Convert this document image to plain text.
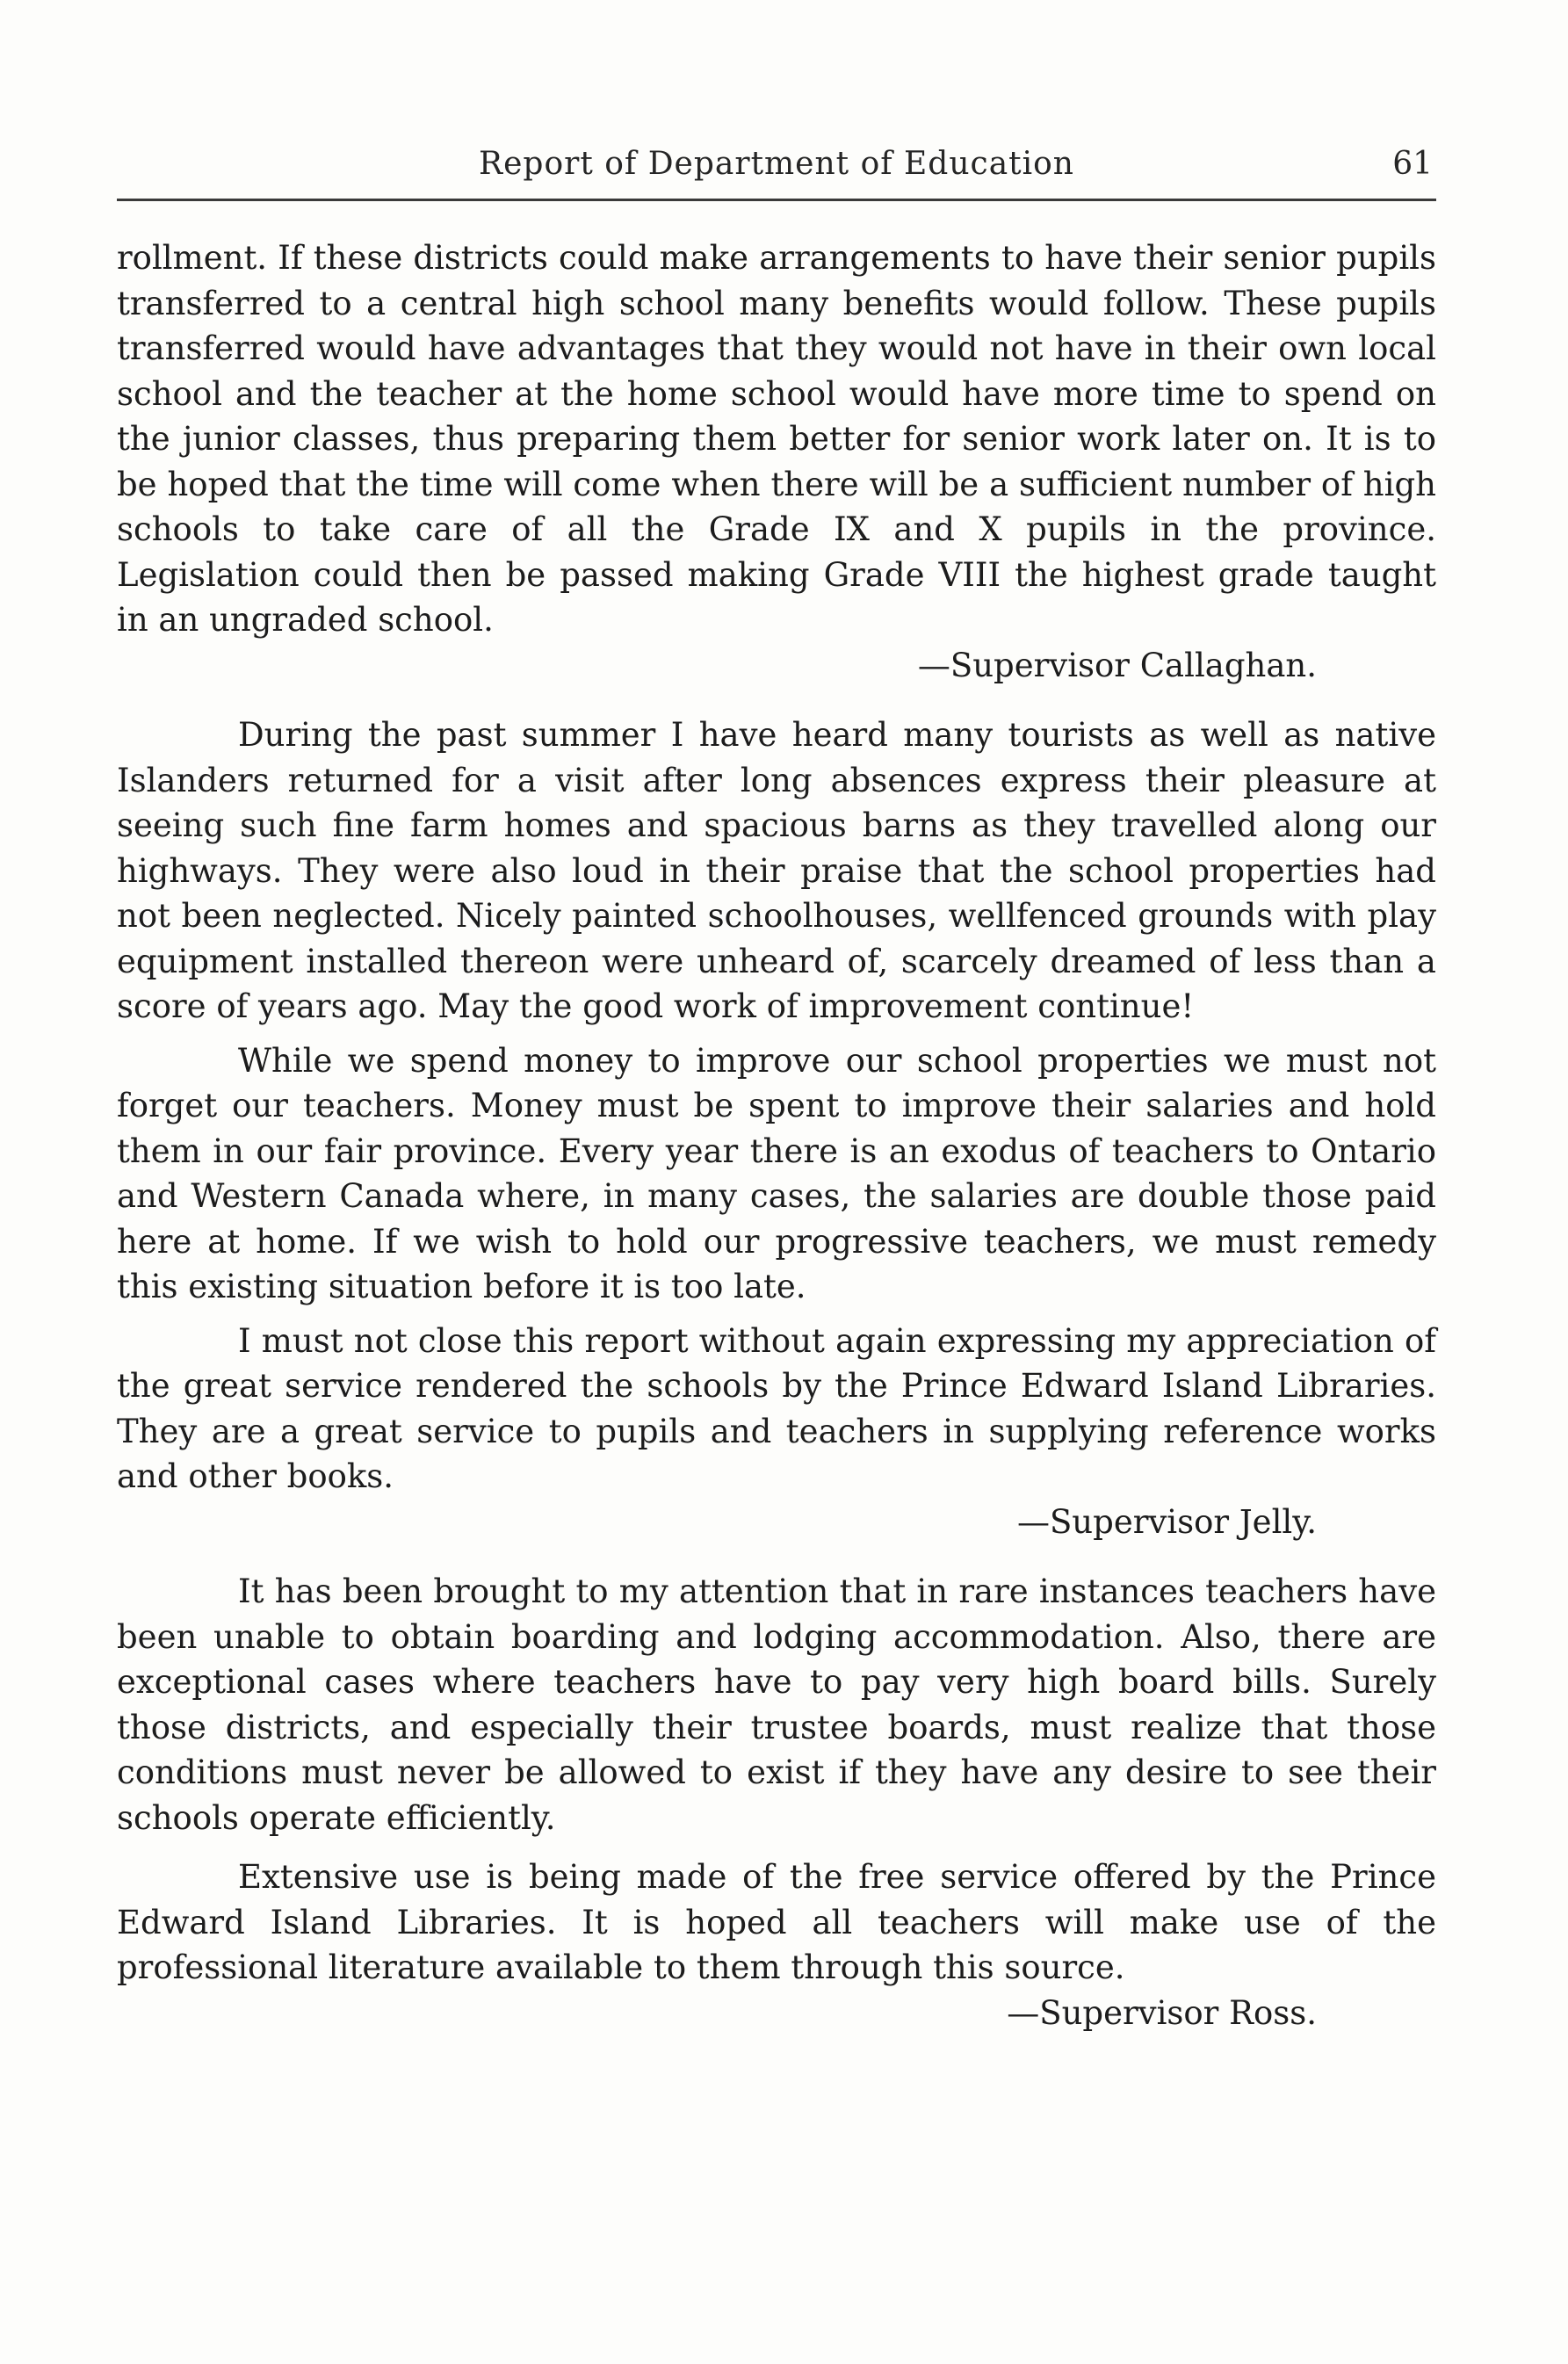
Report of Department of Education	61

rollment. If these districts could make arrangements to have their senior pupils transferred to a central high school many benefits would follow. These pupils transferred would have advantages that they would not have in their own local school and the teacher at the home school would have more time to spend on the junior classes, thus preparing them better for senior work later on. It is to be hoped that the time will come when there will be a sufficient number of high schools to take care of all the Grade IX and X pupils in the province. Legislation could then be passed making Grade VIII the highest grade taught in an ungraded school.

—Supervisor Callaghan.

During the past summer I have heard many tourists as well as native Islanders returned for a visit after long absences express their pleasure at seeing such fine farm homes and spacious barns as they travelled along our highways. They were also loud in their praise that the school properties had not been neglected. Nicely painted schoolhouses, wellfenced grounds with play equipment installed thereon were unheard of, scarcely dreamed of less than a score of years ago. May the good work of improvement continue!

While we spend money to improve our school properties we must not forget our teachers. Money must be spent to improve their salaries and hold them in our fair province. Every year there is an exodus of teachers to Ontario and Western Canada where, in many cases, the salaries are double those paid here at home. If we wish to hold our progressive teachers, we must remedy this existing situation before it is too late.

I must not close this report without again expressing my appreciation of the great service rendered the schools by the Prince Edward Island Libraries. They are a great service to pupils and teachers in supplying reference works and other books.

—Supervisor Jelly.

It has been brought to my attention that in rare instances teachers have been unable to obtain boarding and lodging accommodation. Also, there are exceptional cases where teachers have to pay very high board bills. Surely those districts, and especially their trustee boards, must realize that those conditions must never be allowed to exist if they have any desire to see their schools operate efficiently.

Extensive use is being made of the free service offered by the Prince Edward Island Libraries. It is hoped all teachers will make use of the professional literature available to them through this source.

—Supervisor Ross.
